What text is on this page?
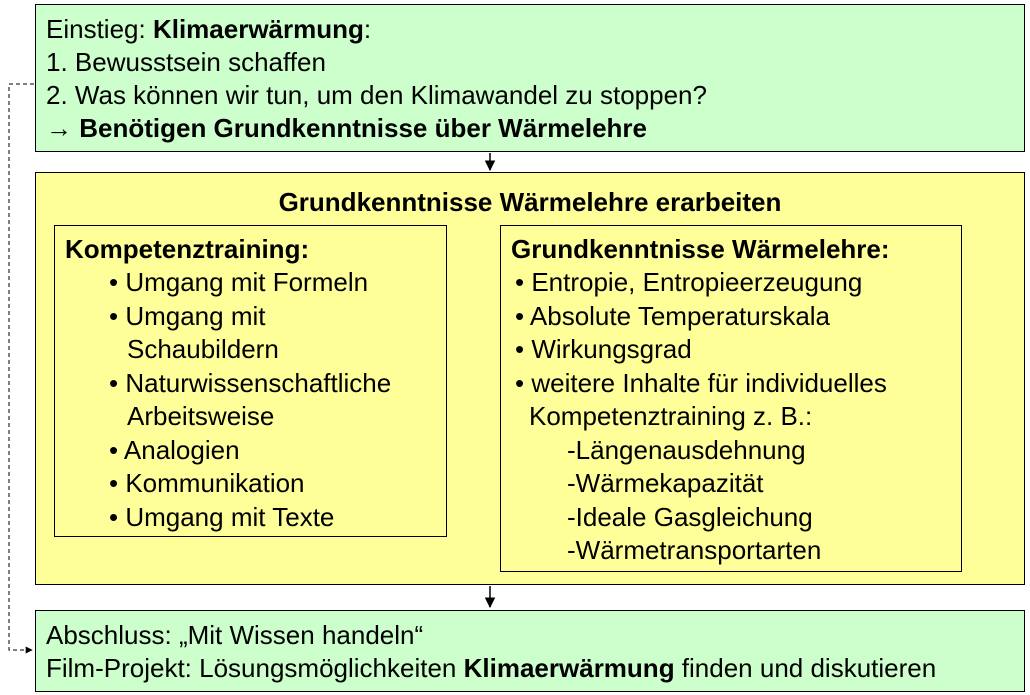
Einstieg: Klimaerwärmung:
1. Bewusstsein schaffen
2. Was können wir tun, um den Klimawandel zu stoppen?
→ Benötigen Grundkenntnisse über Wärmelehre
Grundkenntnisse Wärmelehre erarbeiten
Kompetenztraining:
• Umgang mit Formeln
• Umgang mit
Schaubildern
• Naturwissenschaftliche
Arbeitsweise
• Analogien
• Kommunikation
• Umgang mit Texte
Grundkenntnisse Wärmelehre:
• Entropie, Entropieerzeugung
• Absolute Temperaturskala
• Wirkungsgrad
• weitere Inhalte für individuelles
Kompetenztraining z. B.:
-Längenausdehnung
-Wärmekapazität
-Ideale Gasgleichung
-Wärmetransportarten
Abschluss: „Mit Wissen handeln“
Film-Projekt: Lösungsmöglichkeiten Klimaerwärmung finden und diskutieren
